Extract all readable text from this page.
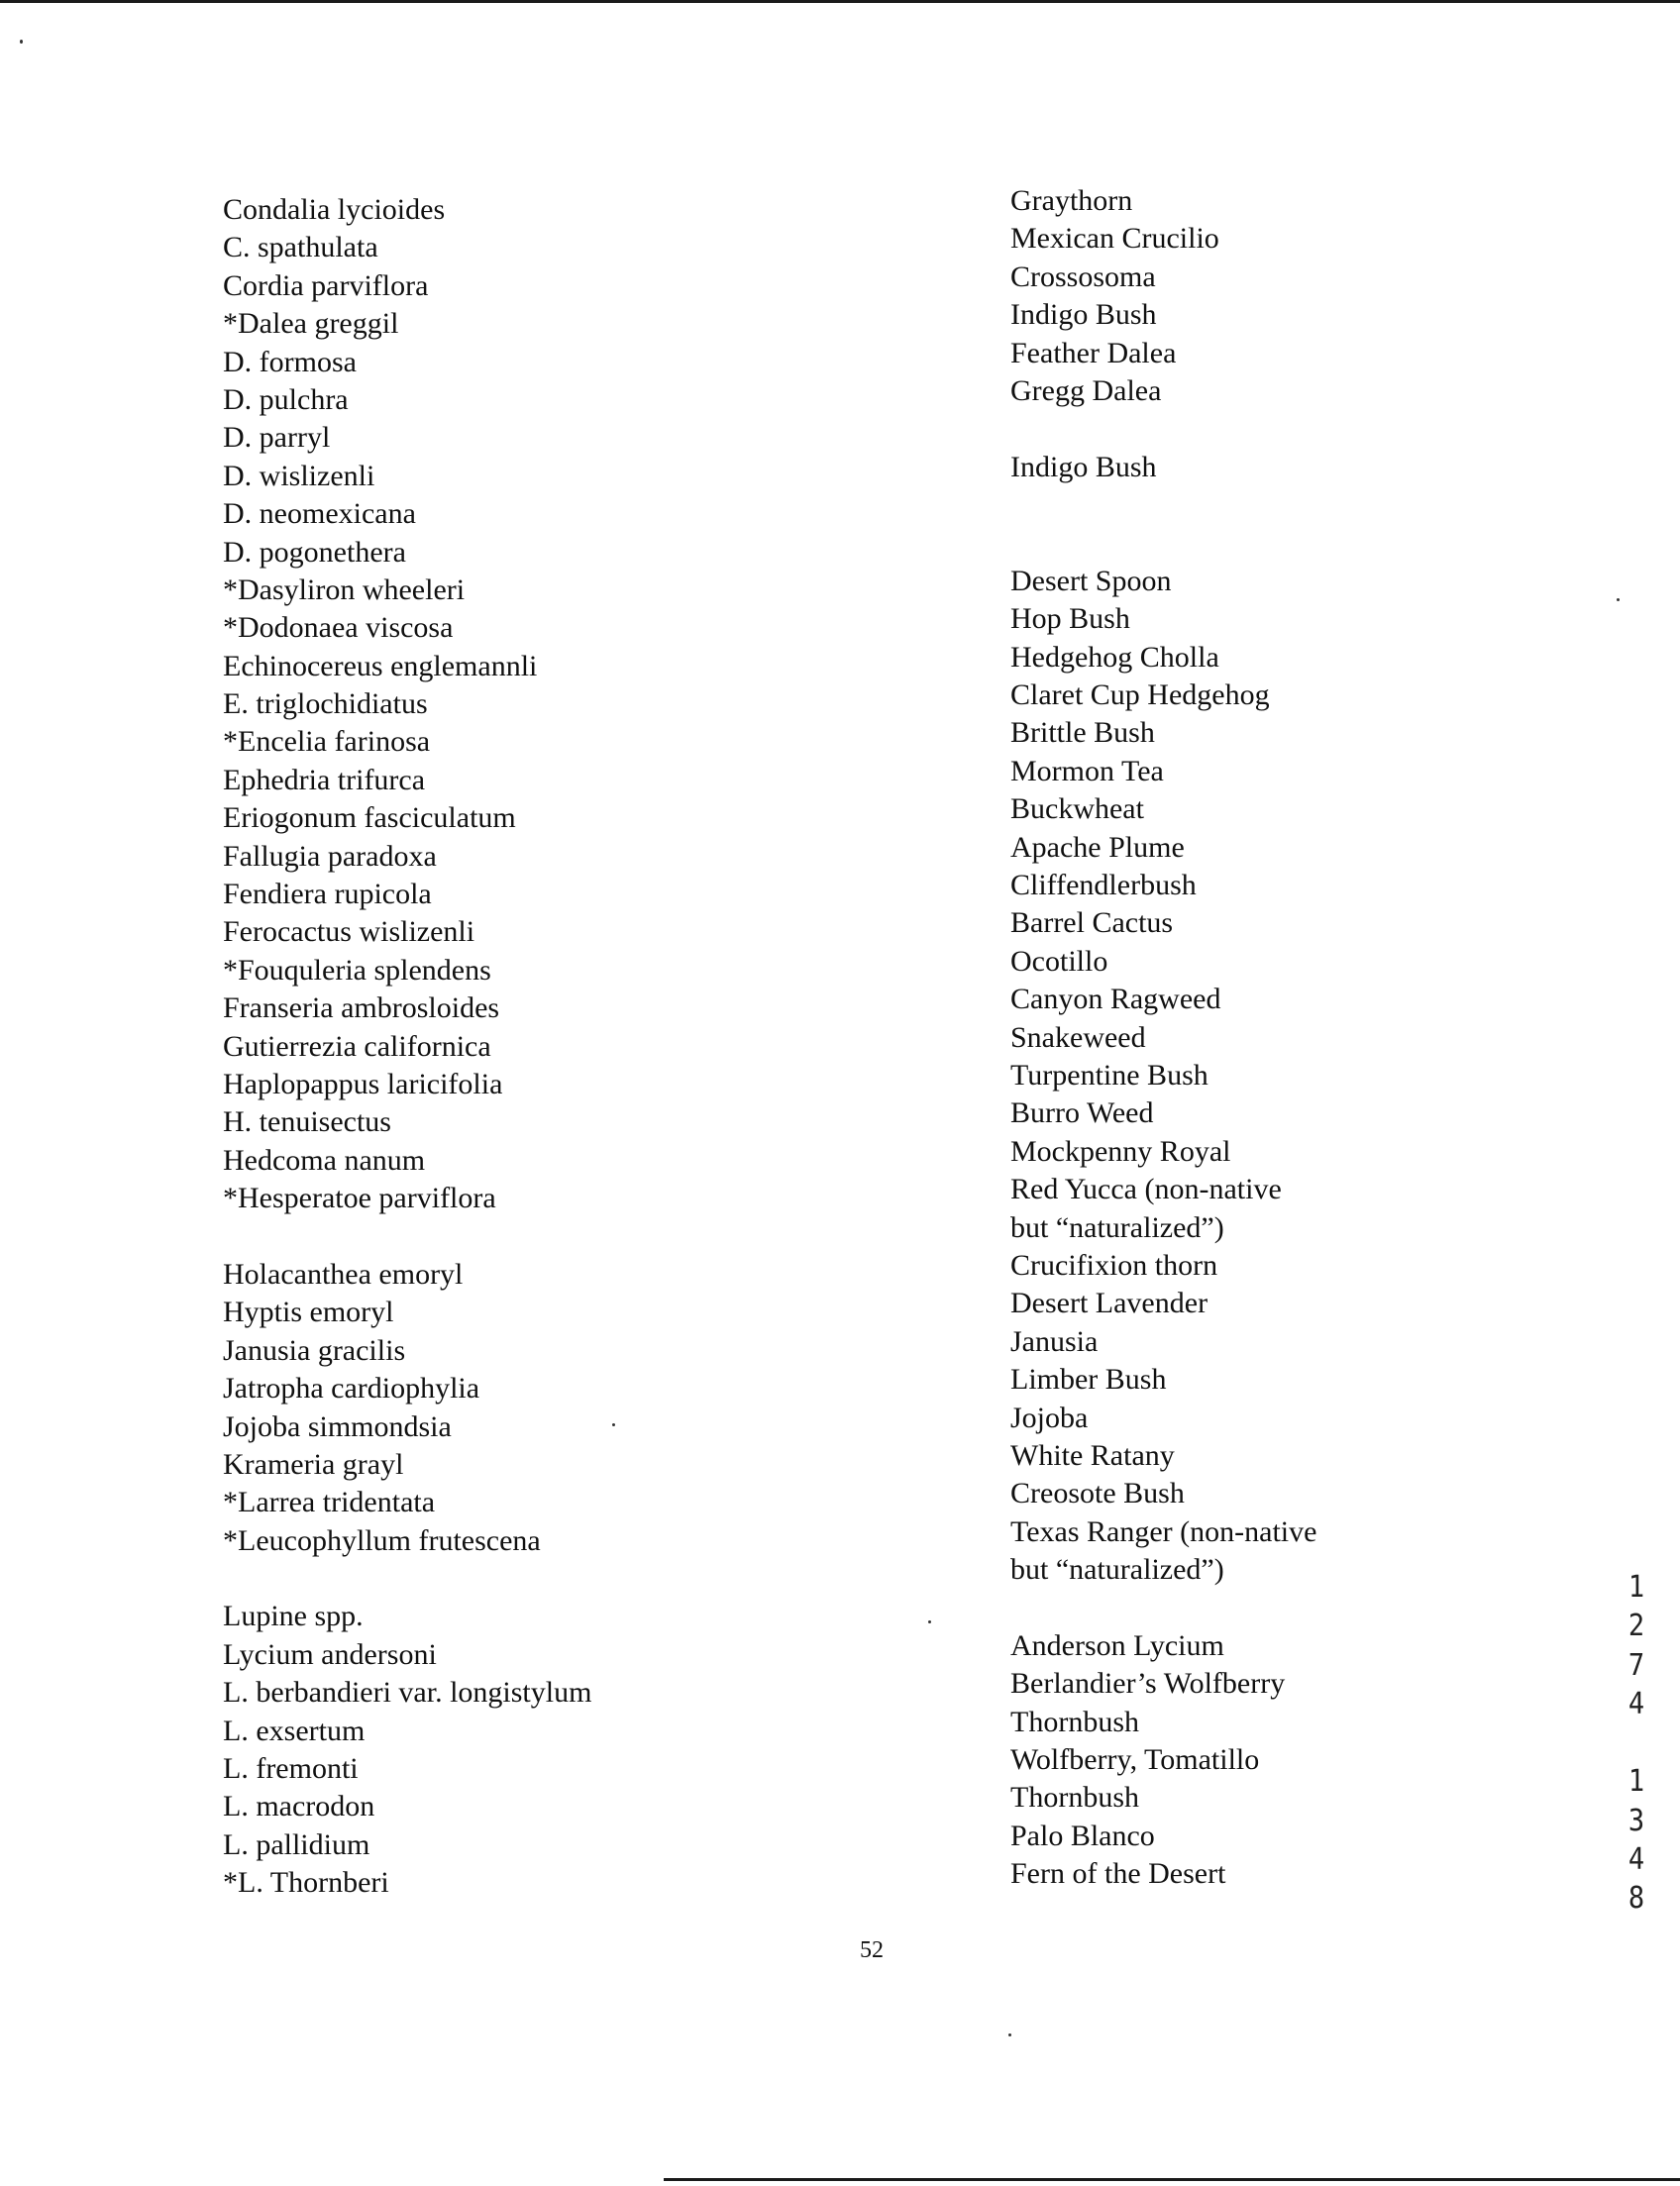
Condalia lycioides
C. spathulata
Cordia parviflora
*Dalea greggil
D. formosa
D. pulchra
D. parryl
D. wislizenli
D. neomexicana
D. pogonethera
*Dasyliron wheeleri
*Dodonaea viscosa
Echinocereus englemannli
E. triglochidiatus
*Encelia farinosa
Ephedria trifurca
Eriogonum fasciculatum
Fallugia paradoxa
Fendiera rupicola
Ferocactus wislizenli
*Fouquleria splendens
Franseria ambrosloides
Gutierrezia californica
Haplopappus laricifolia
H. tenuisectus
Hedcoma nanum
*Hesperatoe parviflora
Holacanthea emoryl
Hyptis emoryl
Janusia gracilis
Jatropha cardiophylia
Jojoba simmondsia
Krameria grayl
*Larrea tridentata
*Leucophyllum frutescena
Lupine spp.
Lycium andersoni
L. berbandieri var. longistylum
L. exsertum
L. fremonti
L. macrodon
L. pallidium
*L. Thornberi
Graythorn
Mexican Crucilio
Crossosoma
Indigo Bush
Feather Dalea
Gregg Dalea
Indigo Bush
Desert Spoon
Hop Bush
Hedgehog Cholla
Claret Cup Hedgehog
Brittle Bush
Mormon Tea
Buckwheat
Apache Plume
Cliffendlerbush
Barrel Cactus
Ocotillo
Canyon Ragweed
Snakeweed
Turpentine Bush
Burro Weed
Mockpenny Royal
Red Yucca (non-native
but “naturalized”)
Crucifixion thorn
Desert Lavender
Janusia
Limber Bush
Jojoba
White Ratany
Creosote Bush
Texas Ranger (non-native
but “naturalized”)
Anderson Lycium
Berlandier’s Wolfberry
Thornbush
Wolfberry, Tomatillo
Thornbush
Palo Blanco
Fern of the Desert
52
1
2
7
4
1
3
4
8
